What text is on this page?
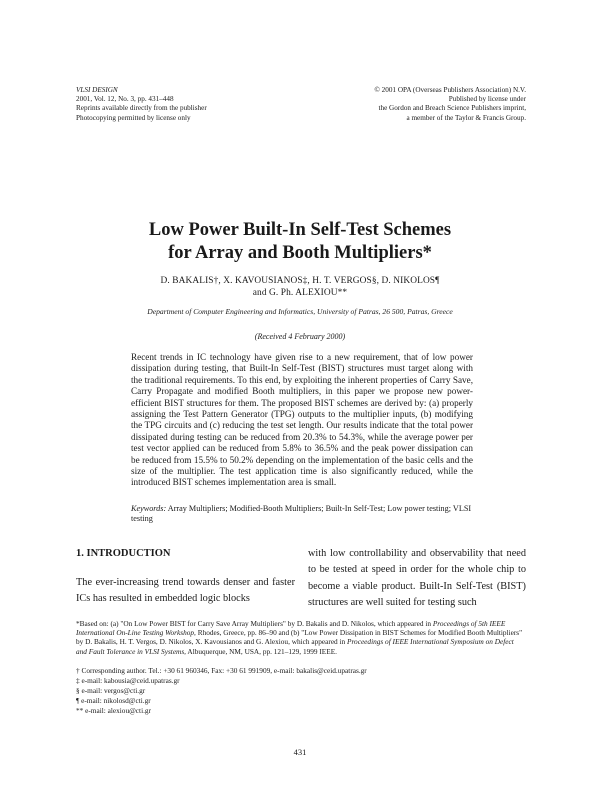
VLSI DESIGN
2001, Vol. 12, No. 3, pp. 431–448
Reprints available directly from the publisher
Photocopying permitted by license only
© 2001 OPA (Overseas Publishers Association) N.V.
Published by license under
the Gordon and Breach Science Publishers imprint,
a member of the Taylor & Francis Group.
Low Power Built-In Self-Test Schemes
for Array and Booth Multipliers*
D. BAKALIS†, X. KAVOUSIANOS‡, H. T. VERGOS§, D. NIKOLOS¶
and G. Ph. ALEXIOU**
Department of Computer Engineering and Informatics, University of Patras, 26 500, Patras, Greece
(Received 4 February 2000)
Recent trends in IC technology have given rise to a new requirement, that of low power dissipation during testing, that Built-In Self-Test (BIST) structures must target along with the traditional requirements. To this end, by exploiting the inherent properties of Carry Save, Carry Propagate and modified Booth multipliers, in this paper we propose new power-efficient BIST structures for them. The proposed BIST schemes are derived by: (a) properly assigning the Test Pattern Generator (TPG) outputs to the multiplier inputs, (b) modifying the TPG circuits and (c) reducing the test set length. Our results indicate that the total power dissipated during testing can be reduced from 20.3% to 54.3%, while the average power per test vector applied can be reduced from 5.8% to 36.5% and the peak power dissipation can be reduced from 15.5% to 50.2% depending on the implementation of the basic cells and the size of the multiplier. The test application time is also significantly reduced, while the introduced BIST schemes implementation area is small.
Keywords: Array Multipliers; Modified-Booth Multipliers; Built-In Self-Test; Low power testing; VLSI testing
1. INTRODUCTION
The ever-increasing trend towards denser and faster ICs has resulted in embedded logic blocks
with low controllability and observability that need to be tested at speed in order for the whole chip to become a viable product. Built-In Self-Test (BIST) structures are well suited for testing such
*Based on: (a) "On Low Power BIST for Carry Save Array Multipliers" by D. Bakalis and D. Nikolos, which appeared in Proceedings of 5th IEEE International On-Line Testing Workshop, Rhodes, Greece, pp. 86–90 and (b) "Low Power Dissipation in BIST Schemes for Modified Booth Multipliers" by D. Bakalis, H. T. Vergos, D. Nikolos, X. Kavousianos and G. Alexiou, which appeared in Proceedings of IEEE International Symposium on Defect and Fault Tolerance in VLSI Systems, Albuquerque, NM, USA, pp. 121–129, 1999 IEEE.
† Corresponding author. Tel.: +30 61 960346, Fax: +30 61 991909, e-mail: bakalis@ceid.upatras.gr
‡ e-mail: kabousia@ceid.upatras.gr
§ e-mail: vergos@cti.gr
¶ e-mail: nikolosd@cti.gr
** e-mail: alexiou@cti.gr
431
